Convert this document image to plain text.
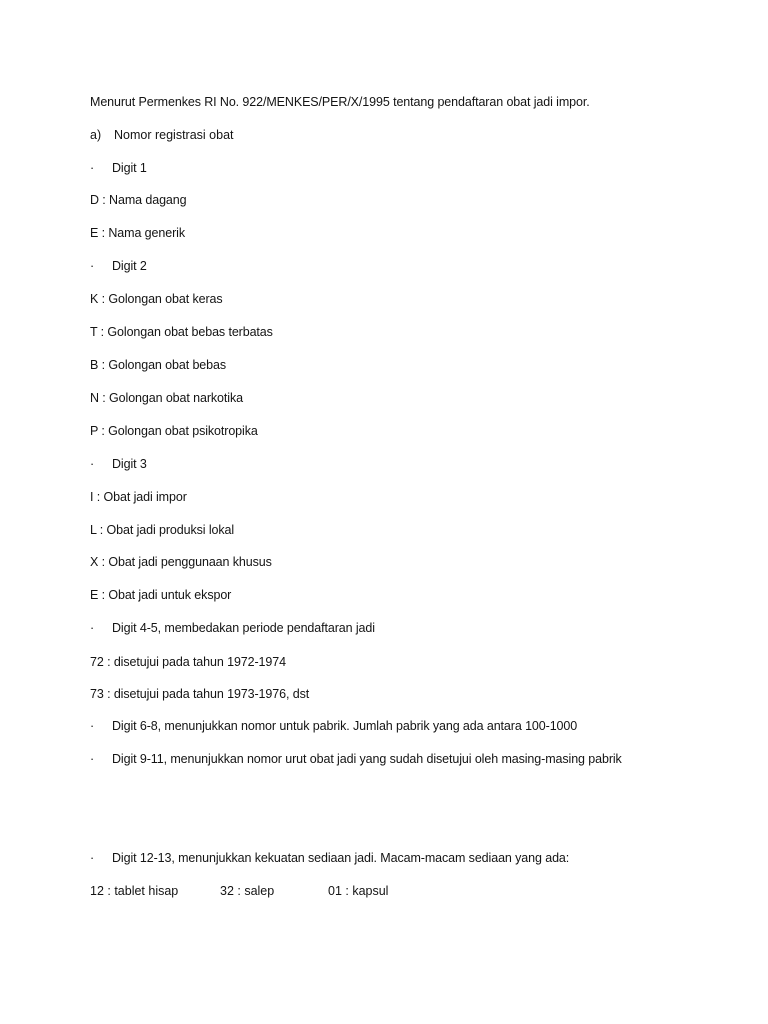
Menurut Permenkes RI No. 922/MENKES/PER/X/1995 tentang pendaftaran obat jadi impor.
a) Nomor registrasi obat
· Digit 1
D : Nama dagang
E : Nama generik
· Digit 2
K : Golongan obat keras
T : Golongan obat bebas terbatas
B : Golongan obat bebas
N : Golongan obat narkotika
P : Golongan obat psikotropika
· Digit 3
I : Obat jadi impor
L : Obat jadi produksi lokal
X : Obat jadi penggunaan khusus
E : Obat jadi untuk ekspor
· Digit 4-5, membedakan periode pendaftaran jadi
72 : disetujui pada tahun 1972-1974
73 : disetujui pada tahun 1973-1976, dst
· Digit 6-8, menunjukkan nomor untuk pabrik. Jumlah pabrik yang ada antara 100-1000
· Digit 9-11, menunjukkan nomor urut obat jadi yang sudah disetujui oleh masing-masing pabrik
· Digit 12-13, menunjukkan kekuatan sediaan jadi. Macam-macam sediaan yang ada:
12 : tablet hisap	32 : salep	01 : kapsul
